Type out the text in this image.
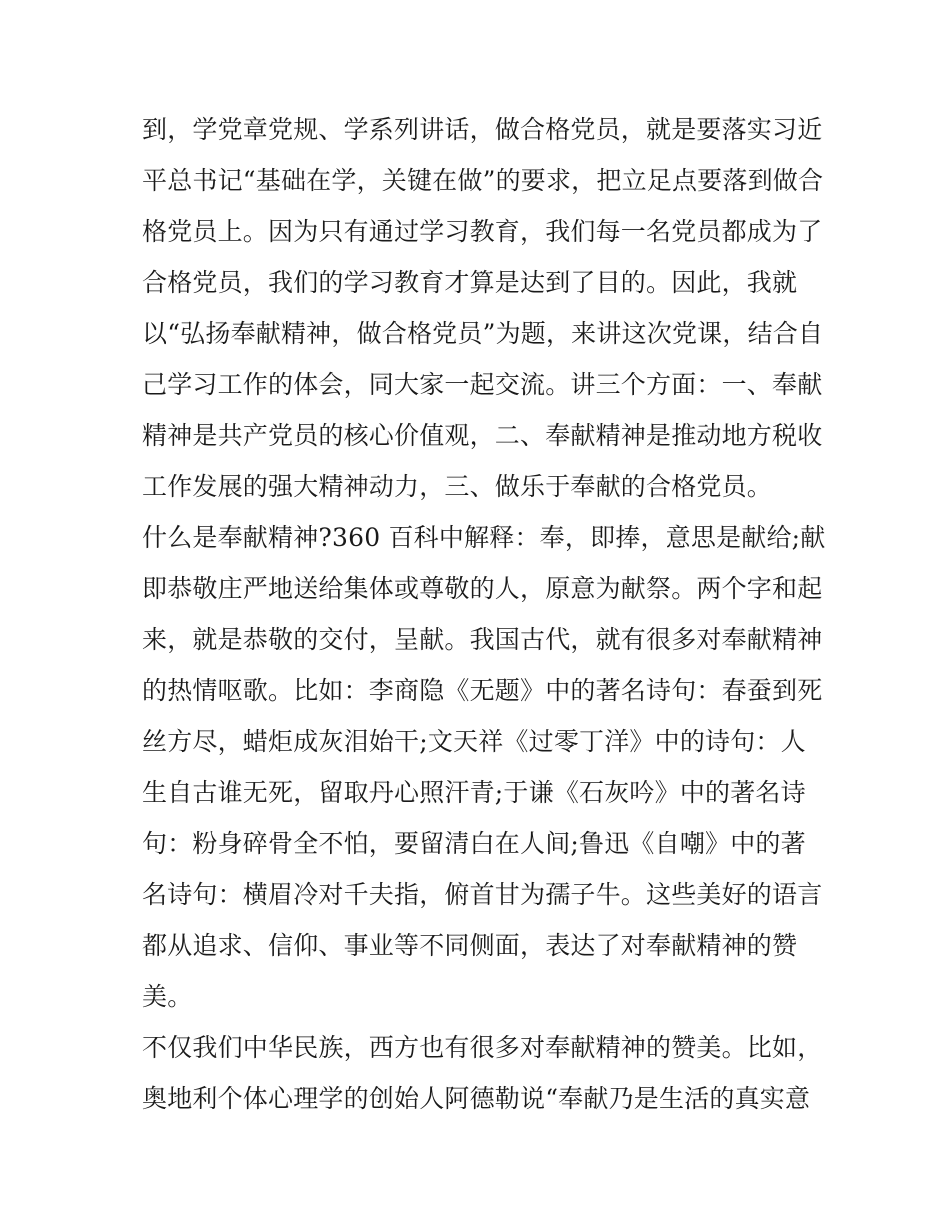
到，学党章党规、学系列讲话，做合格党员，就是要落实习近
平总书记“基础在学，关键在做”的要求，把立足点要落到做合
格党员上。因为只有通过学习教育，我们每一名党员都成为了
合格党员，我们的学习教育才算是达到了目的。因此，我就
以“弘扬奉献精神，做合格党员”为题，来讲这次党课，结合自
己学习工作的体会，同大家一起交流。讲三个方面：一、奉献
精神是共产党员的核心价值观，二、奉献精神是推动地方税收
工作发展的强大精神动力，三、做乐于奉献的合格党员。
什么是奉献精神?360 百科中解释：奉，即捧，意思是献给;献
即恭敬庄严地送给集体或尊敬的人，原意为献祭。两个字和起
来，就是恭敬的交付，呈献。我国古代，就有很多对奉献精神
的热情呕歌。比如：李商隐《无题》中的著名诗句：春蚕到死
丝方尽，蜡炬成灰泪始干;文天祥《过零丁洋》中的诗句：人
生自古谁无死，留取丹心照汗青;于谦《石灰吟》中的著名诗
句：粉身碎骨全不怕，要留清白在人间;鲁迅《自嘲》中的著
名诗句：横眉冷对千夫指，俯首甘为孺子牛。这些美好的语言
都从追求、信仰、事业等不同侧面，表达了对奉献精神的赞
美。
不仅我们中华民族，西方也有很多对奉献精神的赞美。比如，
奥地利个体心理学的创始人阿德勒说“奉献乃是生活的真实意
